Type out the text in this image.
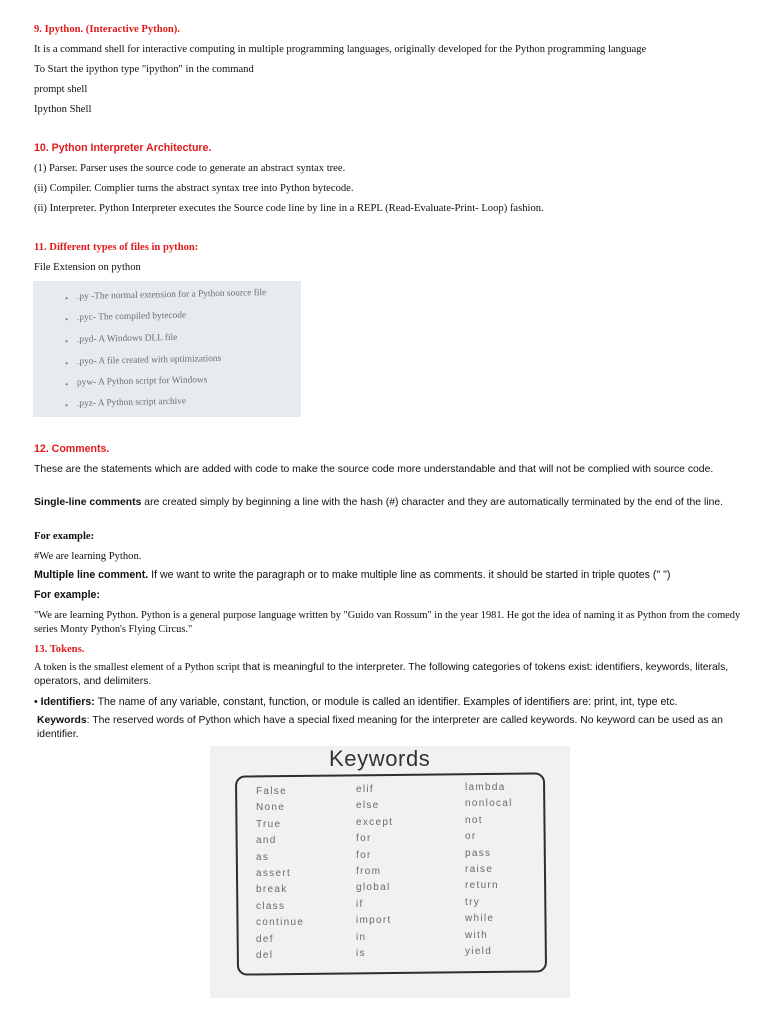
9. Ipython. (Interactive Python).
It is a command shell for interactive computing in multiple programming languages, originally developed for the Python programming language
To Start the ipython type "ipython" in the command
prompt shell
Ipython Shell
10. Python Interpreter Architecture.
(1) Parser. Parser uses the source code to generate an abstract syntax tree.
(ii) Compiler. Complier turns the abstract syntax tree into Python bytecode.
(ii) Interpreter. Python Interpreter executes the Source code line by line in a REPL (Read-Evaluate-Print- Loop) fashion.
11. Different types of files in python:
File Extension on python
• .py -The normal extension for a Python source file
• .pyc- The compiled bytecode
• .pyd- A Windows DLL file
• .pyo- A file created with optimizations
• pyw- A Python script for Windows
• .pyz- A Python script archive
12. Comments.
These are the statements which are added with code to make the source code more understandable and that will not be complied with source code.
Single-line comments are created simply by beginning a line with the hash (#) character and they are automatically terminated by the end of the line.
For example:
#We are learning Python.
Multiple line comment. If we want to write the paragraph or to make multiple line as comments. it should be started in triple quotes (" ")
For example:
"We are learning Python. Python is a general purpose language written by "Guido van Rossum" in the year 1981. He got the idea of naming it as Python from the comedy series Monty Python's Flying Circus."
13. Tokens.
A token is the smallest element of a Python script that is meaningful to the interpreter. The following categories of tokens exist: identifiers, keywords, literals, operators, and delimiters.
• Identifiers: The name of any variable, constant, function, or module is called an identifier. Examples of identifiers are: print, int, type etc.
Keywords: The reserved words of Python which have a special fixed meaning for the interpreter are called keywords. No keyword can be used as an identifier.
Keywords
False
None
True
and
as
assert
break
class
continue
def
del
elif
else
except
for
for
from
global
if
import
in
is
lambda
nonlocal
not
or
pass
raise
return
try
while
with
yield
